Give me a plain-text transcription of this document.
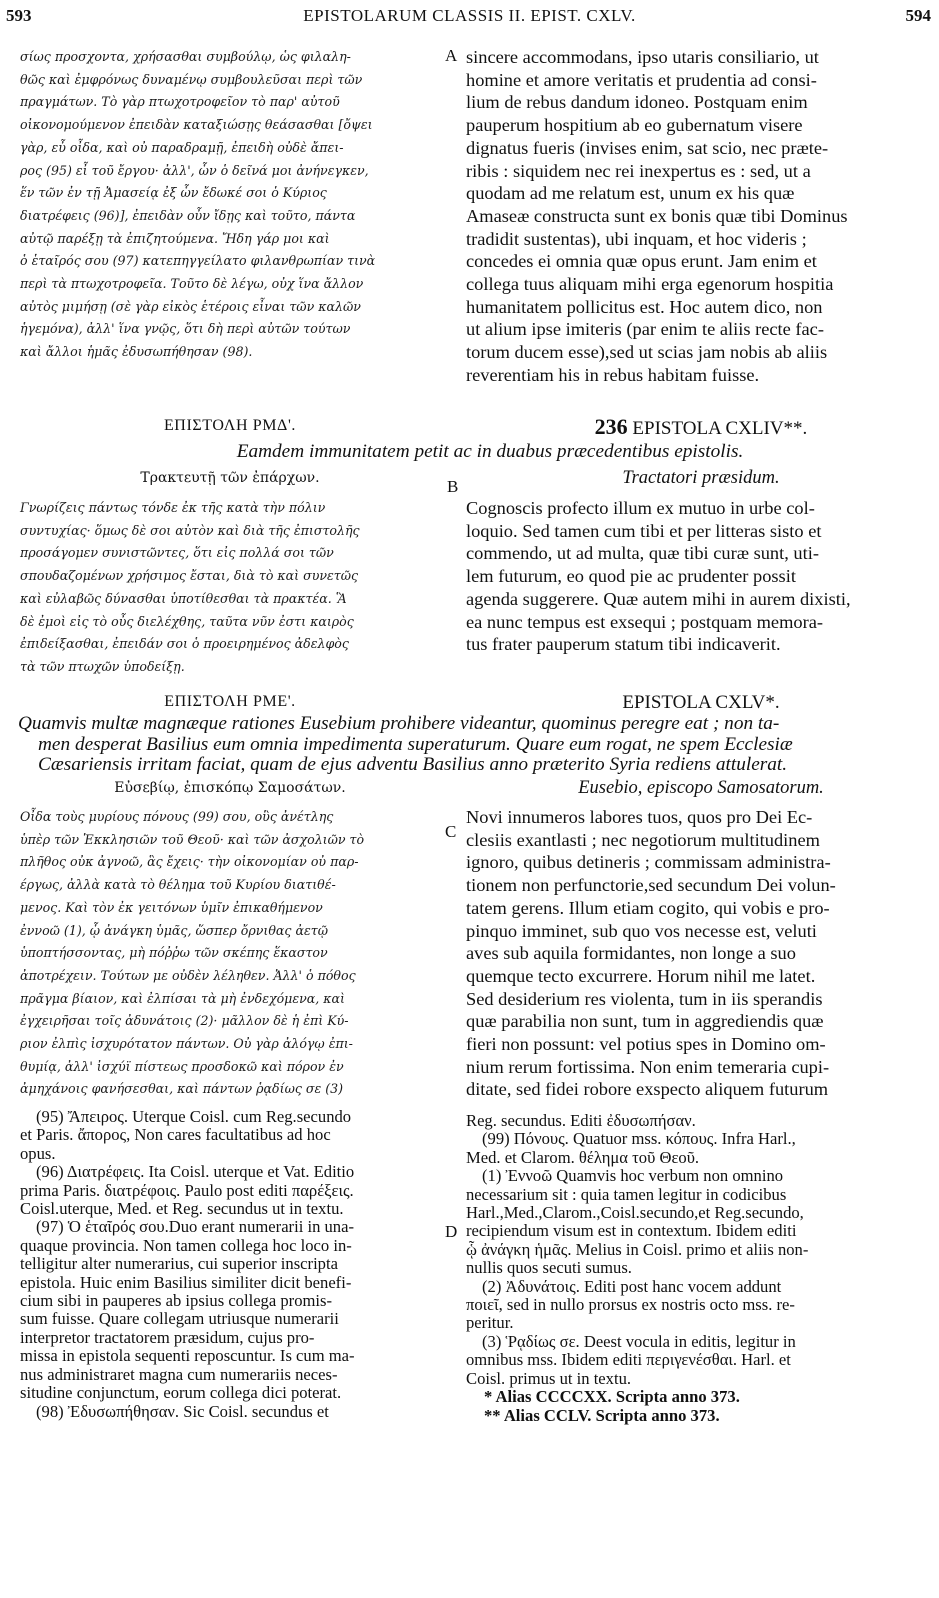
593	EPISTOLARUM CLASSIS II. EPIST. CXLV.	594
A
B
C
D
σίως προσχοντα, χρήσασθαι συμβούλῳ, ὡς φιλαλη-
θῶς καὶ ἐμφρόνως δυναμένῳ συμβουλεῦσαι περὶ τῶν
πραγμάτων. Τὸ γὰρ πτωχοτροφεῖον τὸ παρ' αὐτοῦ
οἰκονομούμενον ἐπειδὰν καταξιώσῃς θεάσασθαι [ὄψει
γὰρ, εὖ οἶδα, καὶ οὐ παραδραμῇ, ἐπειδὴ οὐδὲ ἄπει-
ρος (95) εἶ τοῦ ἔργου· ἀλλ', ὧν ὁ δεῖνά μοι ἀνήνεγκεν,
ἕν τῶν ἐν τῇ Ἀμασείᾳ ἐξ ὧν ἔδωκέ σοι ὁ Κύριος
διατρέφεις (96)], ἐπειδὰν οὖν ἴδῃς καὶ τοῦτο, πάντα
αὐτῷ παρέξῃ τὰ ἐπιζητούμενα. Ἤδη γάρ μοι καὶ
ὁ ἑταῖρός σου (97) κατεπηγγείλατο φιλανθρωπίαν τινὰ
περὶ τὰ πτωχοτροφεῖα. Τοῦτο δὲ λέγω, οὐχ ἵνα ἄλλον
αὐτὸς μιμήσῃ (σὲ γὰρ εἰκὸς ἑτέροις εἶναι τῶν καλῶν
ἡγεμόνα), ἀλλ' ἵνα γνῷς, ὅτι δὴ περὶ αὐτῶν τούτων
καὶ ἄλλοι ἡμᾶς ἐδυσωπήθησαν (98).
sincere accommodans, ipso utaris consiliario, ut
homine et amore veritatis et prudentia ad consi-
lium de rebus dandum idoneo. Postquam enim
pauperum hospitium ab eo gubernatum visere
dignatus fueris (invises enim, sat scio, nec præte-
ribis : siquidem nec rei inexpertus es : sed, ut a
quodam ad me relatum est, unum ex his quæ
Amaseæ constructa sunt ex bonis quæ tibi Dominus
tradidit sustentas), ubi inquam, et hoc videris ;
concedes ei omnia quæ opus erunt. Jam enim et
collega tuus aliquam mihi erga egenorum hospitia
humanitatem pollicitus est. Hoc autem dico, non
ut alium ipse imiteris (par enim te aliis recte fac-
torum ducem esse),sed ut scias jam nobis ab aliis
reverentiam his in rebus habitam fuisse.
ΕΠΙΣΤΟΛΗ ΡΜΔ'.	236 EPISTOLA CXLIV**.
Eamdem immunitatem petit ac in duabus præcedentibus epistolis.
Τρακτευτῇ τῶν ἐπάρχων.	Tractatori præsidum.
Γνωρίζεις πάντως τόνδε ἐκ τῆς κατὰ τὴν πόλιν
συντυχίας· ὅμως δὲ σοι αὐτὸν καὶ διὰ τῆς ἐπιστολῆς
προσάγομεν συνιστῶντες, ὅτι εἰς πολλά σοι τῶν
σπουδαζομένων χρήσιμος ἔσται, διὰ τὸ καὶ συνετῶς
καὶ εὐλαβῶς δύνασθαι ὑποτίθεσθαι τὰ πρακτέα. Ἃ
δὲ ἐμοὶ εἰς τὸ οὖς διελέχθης, ταῦτα νῦν ἐστι καιρὸς
ἐπιδείξασθαι, ἐπειδάν σοι ὁ προειρημένος ἀδελφὸς
τὰ τῶν πτωχῶν ὑποδείξῃ.
Cognoscis profecto illum ex mutuo in urbe col-
loquio. Sed tamen cum tibi et per litteras sisto et
commendo, ut ad multa, quæ tibi curæ sunt, uti-
lem futurum, eo quod pie ac prudenter possit
agenda suggerere. Quæ autem mihi in aurem dixisti,
ea nunc tempus est exsequi ; postquam memora-
tus frater pauperum statum tibi indicaverit.
ΕΠΙΣΤΟΛΗ ΡΜΕ'.	EPISTOLA CXLV*.
Quamvis multæ magnæque rationes Eusebium prohibere videantur, quominus peregre eat ; non ta-
men desperat Basilius eum omnia impedimenta superaturum. Quare eum rogat, ne spem Ecclesiæ
Cæsariensis irritam faciat, quam de ejus adventu Basilius anno præterito Syria rediens attulerat.
Εὐσεβίῳ, ἐπισκόπῳ Σαμοσάτων.	Eusebio, episcopo Samosatorum.
Οἶδα τοὺς μυρίους πόνους (99) σου, οὓς ἀνέτλης
ὑπὲρ τῶν Ἐκκλησιῶν τοῦ Θεοῦ· καὶ τῶν ἀσχολιῶν τὸ
πλῆθος οὐκ ἀγνοῶ, ἃς ἔχεις· τὴν οἰκονομίαν οὐ παρ-
έργως, ἀλλὰ κατὰ τὸ θέλημα τοῦ Κυρίου διατιθέ-
μενος. Καὶ τὸν ἐκ γειτόνων ὑμῖν ἐπικαθήμενον
ἐννοῶ (1), ᾧ ἀνάγκη ὑμᾶς, ὥσπερ ὄρνιθας ἀετῷ
ὑποπτήσσοντας, μὴ πόῤῥω τῶν σκέπης ἕκαστον
ἀποτρέχειν. Τούτων με οὐδὲν λέληθεν. Ἀλλ' ὁ πόθος
πρᾶγμα βίαιον, καὶ ἐλπίσαι τὰ μὴ ἐνδεχόμενα, καὶ
ἐγχειρῆσαι τοῖς ἀδυνάτοις (2)· μᾶλλον δὲ ἡ ἐπὶ Κύ-
ριον ἐλπὶς ἰσχυρότατον πάντων. Οὐ γὰρ ἀλόγῳ ἐπι-
θυμίᾳ, ἀλλ' ἰσχύϊ πίστεως προσδοκῶ καὶ πόρον ἐν
ἀμηχάνοις φανήσεσθαι, καὶ πάντων ῥᾳδίως σε (3)
Novi innumeros labores tuos, quos pro Dei Ec-
clesiis exantlasti ; nec negotiorum multitudinem
ignoro, quibus detineris ; commissam administra-
tionem non perfunctorie,sed secundum Dei volun-
tatem gerens. Illum etiam cogito, qui vobis e pro-
pinquo imminet, sub quo vos necesse est, veluti
aves sub aquila formidantes, non longe a suo
quemque tecto excurrere. Horum nihil me latet.
Sed desiderium res violenta, tum in iis sperandis
quæ parabilia non sunt, tum in aggrediendis quæ
fieri non possunt: vel potius spes in Domino om-
nium rerum fortissima. Non enim temeraria cupi-
ditate, sed fidei robore exspecto aliquem futurum
(95) Ἄπειρος. Uterque Coisl. cum Reg.secundo
et Paris. ἄπορος, Non cares facultatibus ad hoc
opus.
(96) Διατρέφεις. Ita Coisl. uterque et Vat. Editio
prima Paris. διατρέφοις. Paulo post editi παρέξεις.
Coisl.uterque, Med. et Reg. secundus ut in textu.
(97) Ὁ ἑταῖρός σου.Duo erant numerarii in una-
quaque provincia. Non tamen collega hoc loco in-
telligitur alter numerarius, cui superior inscripta
epistola. Huic enim Basilius similiter dicit benefi-
cium sibi in pauperes ab ipsius collega promis-
sum fuisse. Quare collegam utriusque numerarii
interpretor tractatorem præsidum, cujus pro-
missa in epistola sequenti reposcuntur. Is cum ma-
nus administraret magna cum numerariis neces-
situdine conjunctum, eorum collega dici poterat.
(98) Ἐδυσωπήθησαν. Sic Coisl. secundus et
Reg. secundus. Editi ἐδυσωπήσαν.
(99) Πόνους. Quatuor mss. κόπους. Infra Harl.,
Med. et Clarom. θέλημα τοῦ Θεοῦ.
(1) Ἐννοῶ Quamvis hoc verbum non omnino
necessarium sit : quia tamen legitur in codicibus
Harl.,Med.,Clarom.,Coisl.secundo,et Reg.secundo,
recipiendum visum est in contextum. Ibidem editi
ᾧ ἀνάγκη ἡμᾶς. Melius in Coisl. primo et aliis non-
nullis quos secuti sumus.
(2) Ἀδυνάτοις. Editi post hanc vocem addunt
ποιεῖ, sed in nullo prorsus ex nostris octo mss. re-
peritur.
(3) Ῥᾳδίως σε. Deest vocula in editis, legitur in
omnibus mss. Ibidem editi περιγενέσθαι. Harl. et
Coisl. primus ut in textu.
* Alias CCCCXX. Scripta anno 373.
** Alias CCLV. Scripta anno 373.
